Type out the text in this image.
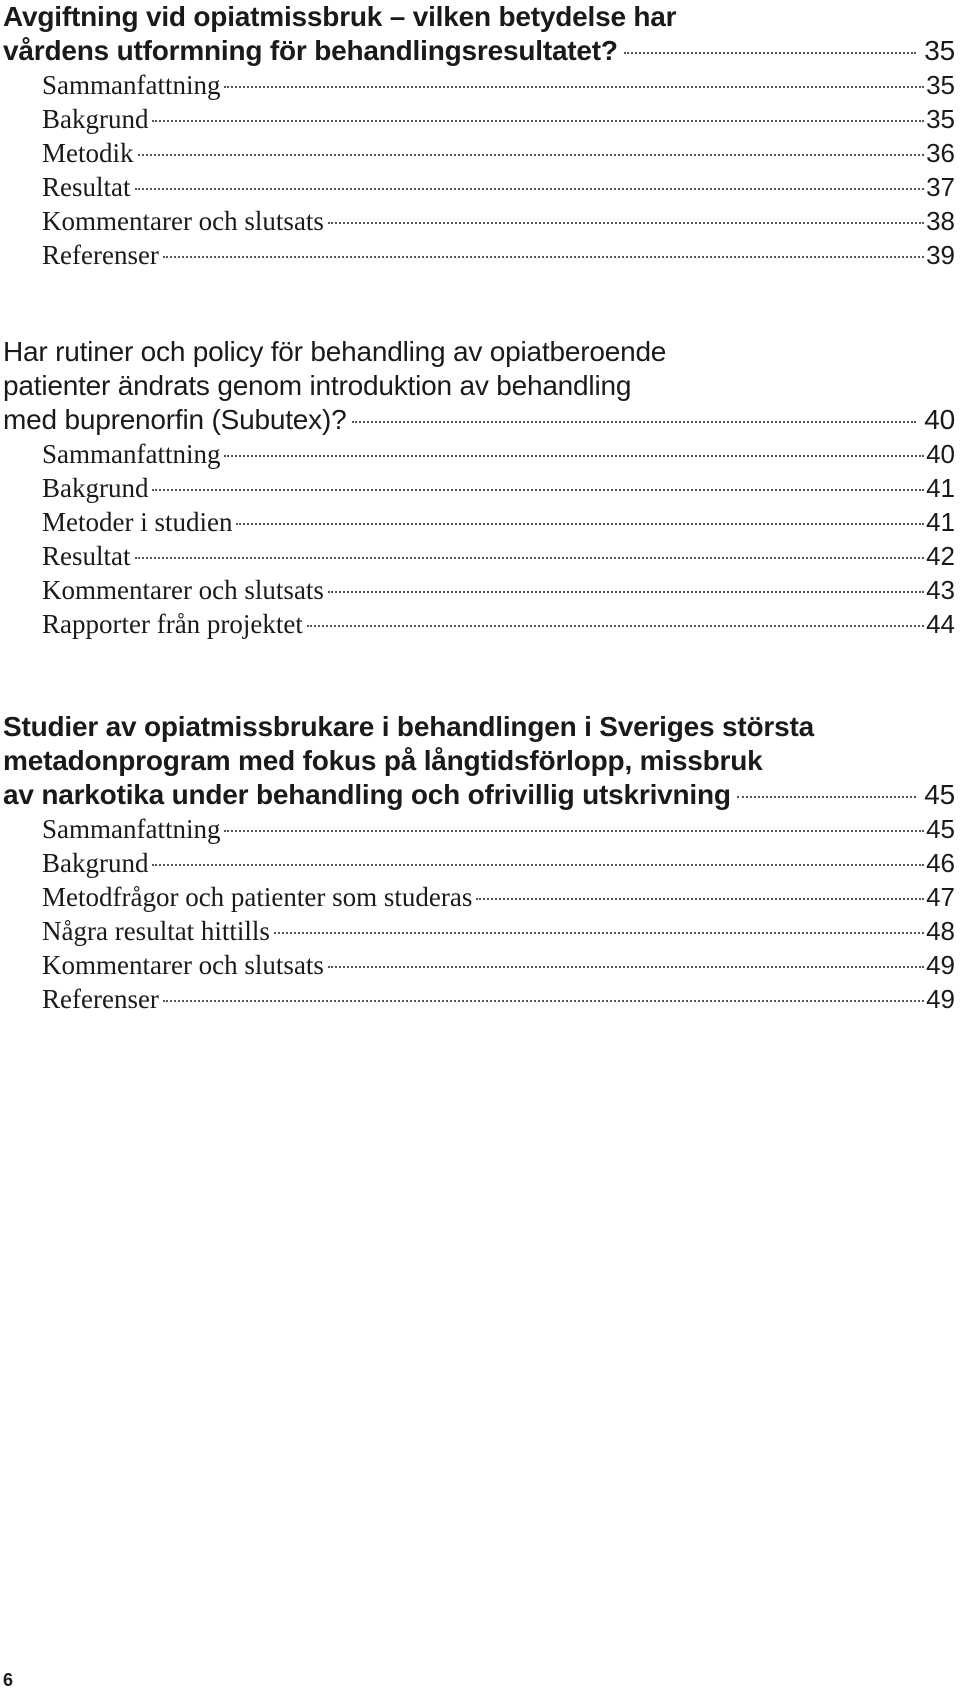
Avgiftning vid opiatmissbruk – vilken betydelse har
vårdens utformning för behandlingsresultatet?	35
Sammanfattning	35
Bakgrund	35
Metodik	36
Resultat	37
Kommentarer och slutsats	38
Referenser	39
Har rutiner och policy för behandling av opiatberoende
patienter ändrats genom introduktion av behandling
med buprenorfin (Subutex)?	40
Sammanfattning	40
Bakgrund	41
Metoder i studien	41
Resultat	42
Kommentarer och slutsats	43
Rapporter från projektet	44
Studier av opiatmissbrukare i behandlingen i Sveriges största
metadonprogram med fokus på långtidsförlopp, missbruk
av narkotika under behandling och ofrivillig utskrivning	45
Sammanfattning	45
Bakgrund	46
Metodfrågor och patienter som studeras	47
Några resultat hittills	48
Kommentarer och slutsats	49
Referenser	49
6
